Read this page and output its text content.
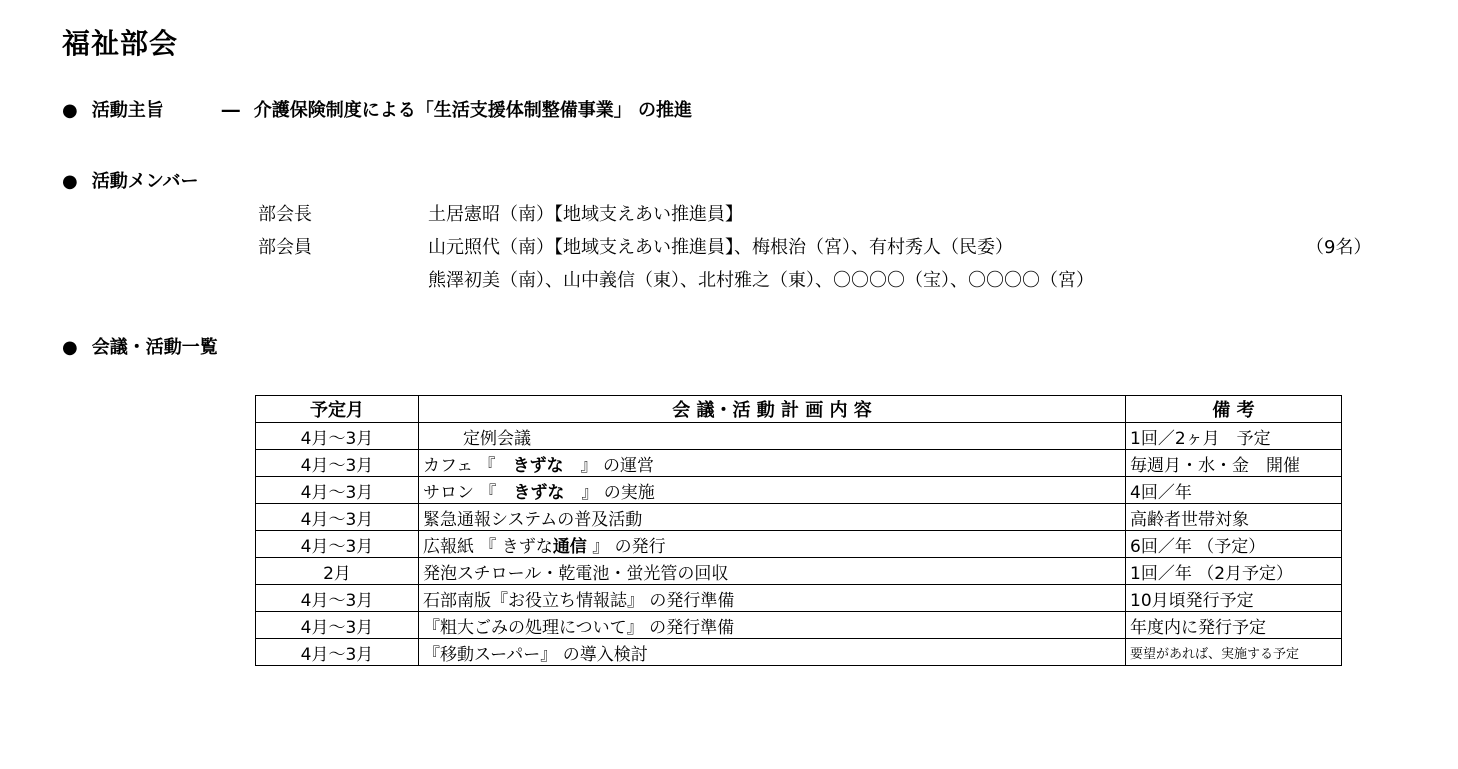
福祉部会
● 活動主旨	― 介護保険制度による「生活支援体制整備事業」 の推進
● 活動メンバー
部会長	土居憲昭（南）【地域支えあい推進員】
部会員	山元照代（南）【地域支えあい推進員】、梅根治（宮）、有村秀人（民委）	（9名）
熊澤初美（南）、山中義信（東）、北村雅之（東）、〇〇〇〇（宝）、〇〇〇〇（宮）
● 会議・活動一覧
予定月	会 議・活 動 計 画 内 容	備 考
4月～3月	定例会議	1回／2ヶ月　予定
4月～3月	カフェ 『　きずな　』 の運営	毎週月・水・金　開催
4月～3月	サロン 『　きずな　』 の実施	4回／年
4月～3月	緊急通報システムの普及活動	高齢者世帯対象
4月～3月	広報紙 『 きずな通信 』 の発行	6回／年 （予定）
2月	発泡スチロール・乾電池・蛍光管の回収	1回／年 （2月予定）
4月～3月	石部南版『お役立ち情報誌』 の発行準備	10月頃発行予定
4月～3月	『粗大ごみの処理について』 の発行準備	年度内に発行予定
4月～3月	『移動スーパー』 の導入検討	要望があれば、実施する予定
